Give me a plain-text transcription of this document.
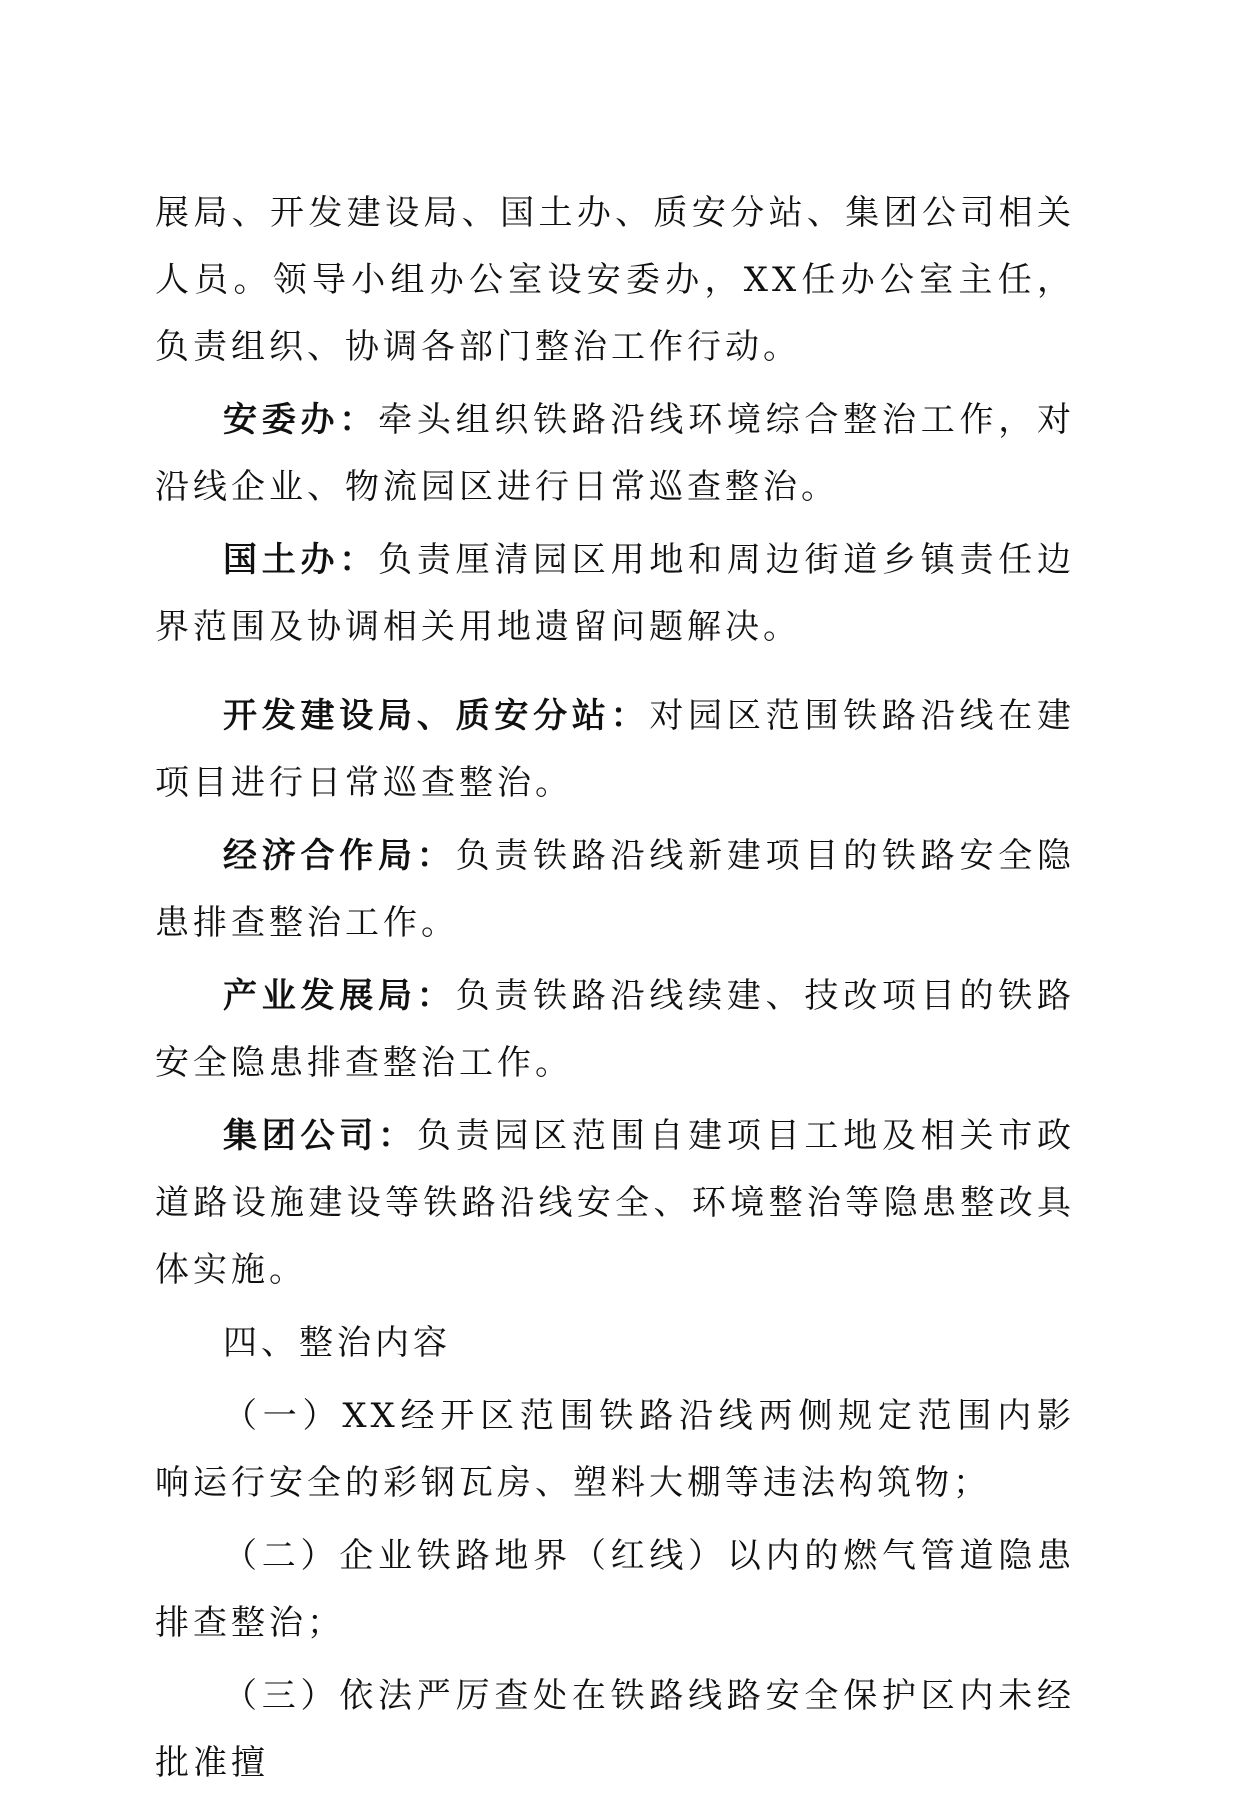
展局、开发建设局、国土办、质安分站、集团公司相关人员。领导小组办公室设安委办，XX任办公室主任，负责组织、协调各部门整治工作行动。

安委办：牵头组织铁路沿线环境综合整治工作，对沿线企业、物流园区进行日常巡查整治。

国土办：负责厘清园区用地和周边街道乡镇责任边界范围及协调相关用地遗留问题解决。

开发建设局、质安分站：对园区范围铁路沿线在建项目进行日常巡查整治。

经济合作局：负责铁路沿线新建项目的铁路安全隐患排查整治工作。

产业发展局：负责铁路沿线续建、技改项目的铁路安全隐患排查整治工作。

集团公司：负责园区范围自建项目工地及相关市政道路设施建设等铁路沿线安全、环境整治等隐患整改具体实施。

四、整治内容

（一）XX经开区范围铁路沿线两侧规定范围内影响运行安全的彩钢瓦房、塑料大棚等违法构筑物；

（二）企业铁路地界（红线）以内的燃气管道隐患排查整治；

（三）依法严厉查处在铁路线路安全保护区内未经批准擅
